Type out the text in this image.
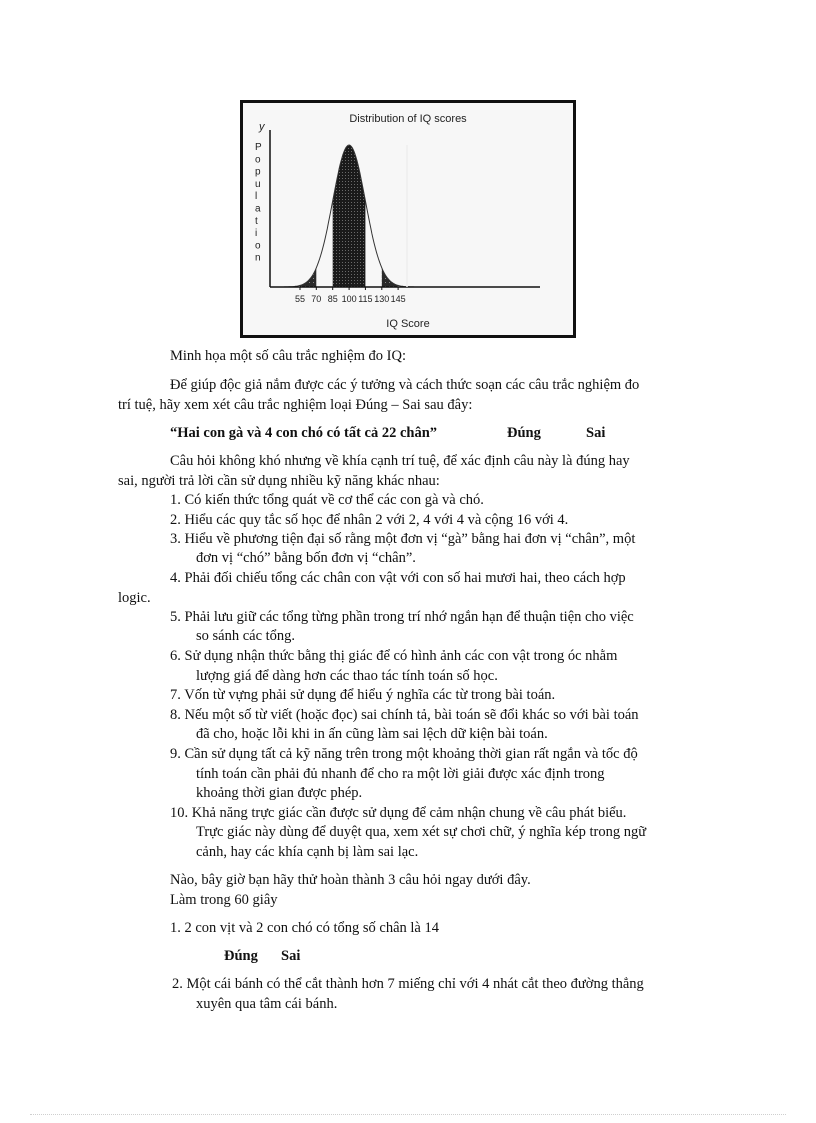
Distribution of IQ scores
y
P
o
p
u
l
a
t
i
o
n
55 70 85 100 115 130 145
IQ Score
Minh họa một số câu trắc nghiệm đo IQ:
Để giúp độc giả nắm được các ý tưởng và cách thức soạn các câu trắc nghiệm đo
trí tuệ, hãy xem xét câu trắc nghiệm loại Đúng – Sai sau đây:
“Hai con gà và 4 con chó có tất cả 22 chân”	Đúng	Sai
Câu hỏi không khó nhưng về khía cạnh trí tuệ, để xác định câu này là đúng hay
sai, người trả lời cần sử dụng nhiều kỹ năng khác nhau:
1. Có kiến thức tổng quát về cơ thể các con gà và chó.
2. Hiểu các quy tắc số học để nhân 2 với 2, 4 với 4 và cộng 16 với 4.
3. Hiểu về phương tiện đại số rằng một đơn vị “gà” bằng hai đơn vị “chân”, một
đơn vị “chó” bằng bốn đơn vị “chân”.
4. Phải đối chiếu tổng các chân con vật với con số hai mươi hai, theo cách hợp
logic.
5. Phải lưu giữ các tổng từng phần trong trí nhớ ngắn hạn để thuận tiện cho việc
so sánh các tổng.
6. Sử dụng nhận thức bằng thị giác để có hình ảnh các con vật trong óc nhằm
lượng giá để dàng hơn các thao tác tính toán số học.
7. Vốn từ vựng phải sử dụng để hiểu ý nghĩa các từ trong bài toán.
8. Nếu một số từ viết (hoặc đọc) sai chính tả, bài toán sẽ đổi khác so với bài toán
đã cho, hoặc lỗi khi in ấn cũng làm sai lệch dữ kiện bài toán.
9. Cần sử dụng tất cả kỹ năng trên trong một khoảng thời gian rất ngắn và tốc độ
tính toán cần phải đủ nhanh để cho ra một lời giải được xác định trong
khoảng thời gian được phép.
10. Khả năng trực giác cần được sử dụng để cảm nhận chung về câu phát biểu.
Trực giác này dùng để duyệt qua, xem xét sự chơi chữ, ý nghĩa kép trong ngữ
cảnh, hay các khía cạnh bị làm sai lạc.
Nào, bây giờ bạn hãy thử hoàn thành 3 câu hỏi ngay dưới đây.
Làm trong 60 giây
1. 2 con vịt và 2 con chó có tổng số chân là 14
Đúng Sai
2. Một cái bánh có thể cắt thành hơn 7 miếng chỉ với 4 nhát cắt theo đường thẳng
xuyên qua tâm cái bánh.
